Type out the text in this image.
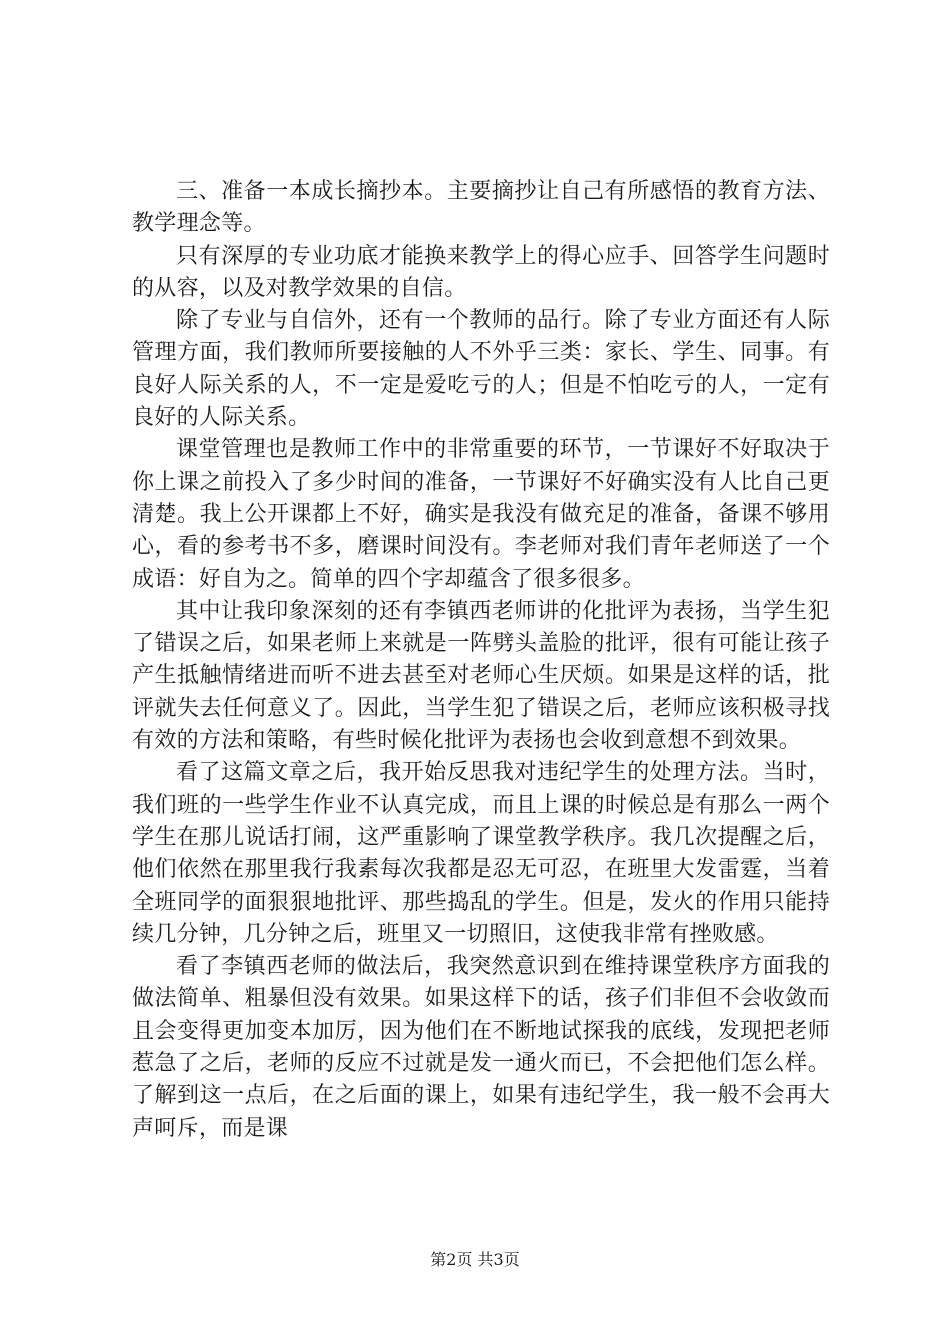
三、准备一本成长摘抄本。主要摘抄让自己有所感悟的教育方法、教学理念等。

只有深厚的专业功底才能换来教学上的得心应手、回答学生问题时的从容，以及对教学效果的自信。

除了专业与自信外，还有一个教师的品行。除了专业方面还有人际管理方面，我们教师所要接触的人不外乎三类：家长、学生、同事。有良好人际关系的人，不一定是爱吃亏的人；但是不怕吃亏的人，一定有良好的人际关系。

课堂管理也是教师工作中的非常重要的环节，一节课好不好取决于你上课之前投入了多少时间的准备，一节课好不好确实没有人比自己更清楚。我上公开课都上不好，确实是我没有做充足的准备，备课不够用心，看的参考书不多，磨课时间没有。李老师对我们青年老师送了一个成语：好自为之。简单的四个字却蕴含了很多很多。

其中让我印象深刻的还有李镇西老师讲的化批评为表扬，当学生犯了错误之后，如果老师上来就是一阵劈头盖脸的批评，很有可能让孩子产生抵触情绪进而听不进去甚至对老师心生厌烦。如果是这样的话，批评就失去任何意义了。因此，当学生犯了错误之后，老师应该积极寻找有效的方法和策略，有些时候化批评为表扬也会收到意想不到效果。

看了这篇文章之后，我开始反思我对违纪学生的处理方法。当时，我们班的一些学生作业不认真完成，而且上课的时候总是有那么一两个学生在那儿说话打闹，这严重影响了课堂教学秩序。我几次提醒之后，他们依然在那里我行我素每次我都是忍无可忍，在班里大发雷霆，当着全班同学的面狠狠地批评、那些捣乱的学生。但是，发火的作用只能持续几分钟，几分钟之后，班里又一切照旧，这使我非常有挫败感。

看了李镇西老师的做法后，我突然意识到在维持课堂秩序方面我的做法简单、粗暴但没有效果。如果这样下的话，孩子们非但不会收敛而且会变得更加变本加厉，因为他们在不断地试探我的底线，发现把老师惹急了之后，老师的反应不过就是发一通火而已，不会把他们怎么样。了解到这一点后，在之后面的课上，如果有违纪学生，我一般不会再大声呵斥，而是课

第2页 共3页
